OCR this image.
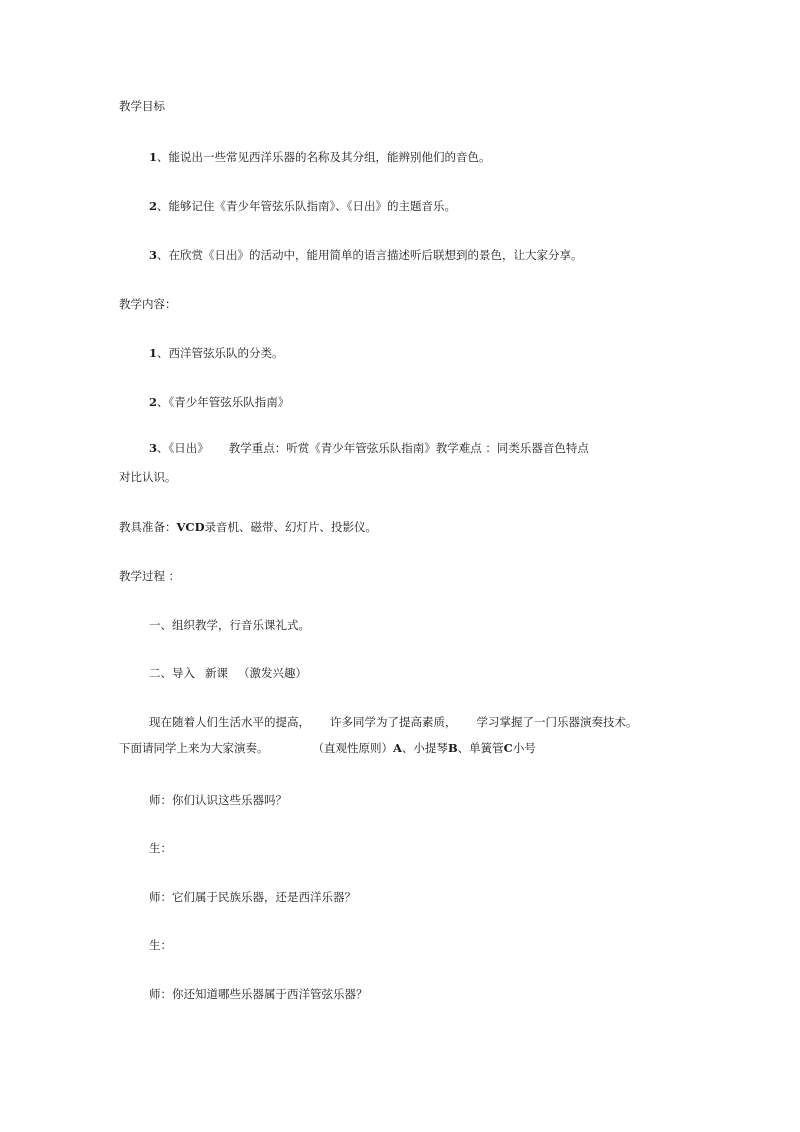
教学目标
1、能说出一些常见西洋乐器的名称及其分组，能辨别他们的音色。
2、能够记住《青少年管弦乐队指南》、《日出》的主题音乐。
3、在欣赏《日出》的活动中，能用简单的语言描述听后联想到的景色，让大家分享。
教学内容：
1、西洋管弦乐队的分类。
2、《青少年管弦乐队指南》
3、《日出》 教学重点：听赏《青少年管弦乐队指南》教学难点 ：同类乐器音色特点
对比认识。
教具准备：VCD录音机、磁带、幻灯片、投影仪。
教学过程 ：
一、组织教学，行音乐课礼式。
二、导入 新课 （激发兴趣）
现在随着人们生活水平的提高， 许多同学为了提高素质， 学习掌握了一门乐器演奏技术。
下面请同学上来为大家演奏。	（直观性原则）A、小提琴B、单簧管C小号
师：你们认识这些乐器吗？
生：
师：它们属于民族乐器，还是西洋乐器？
生：
师：你还知道哪些乐器属于西洋管弦乐器？
